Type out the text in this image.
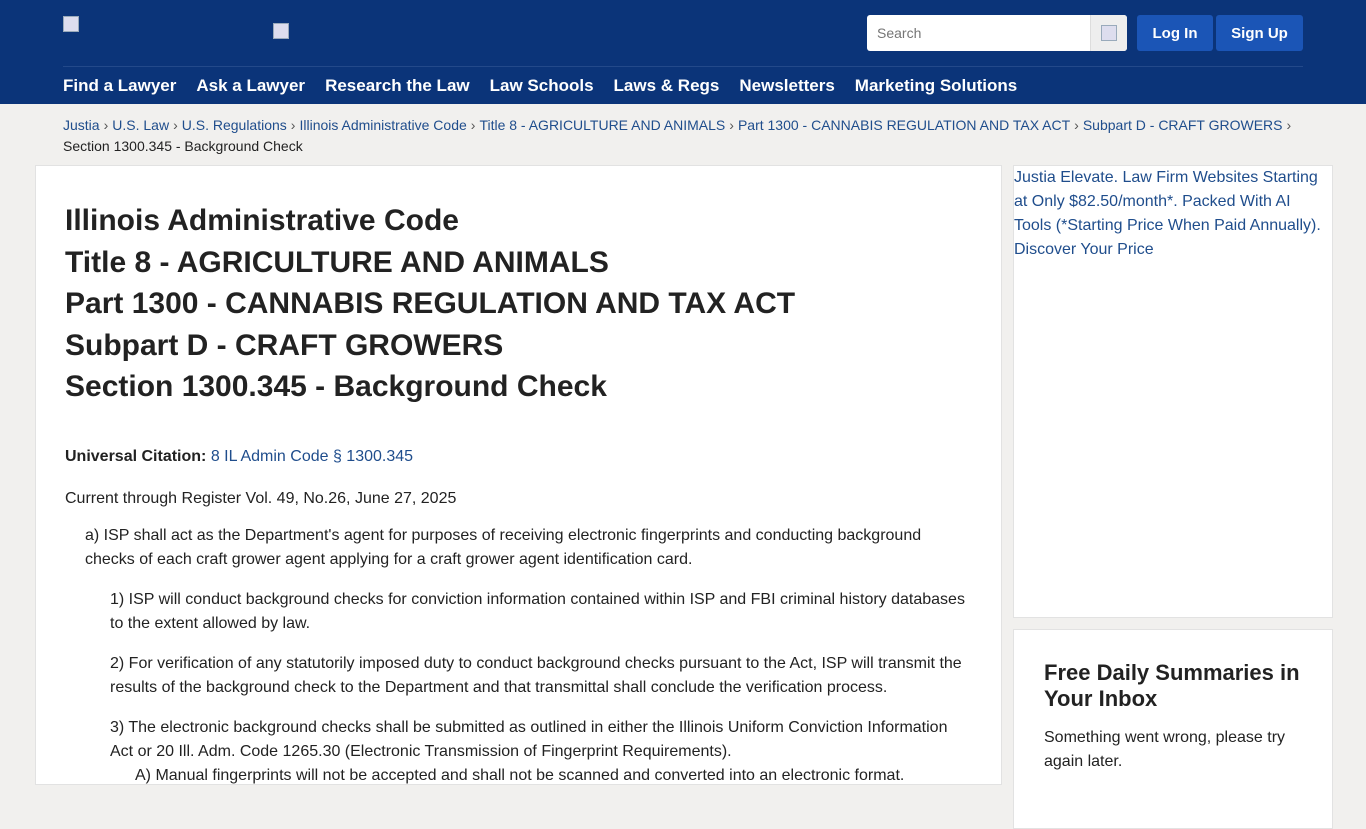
Search
Log In	Sign Up
Find a Lawyer Ask a Lawyer Research the Law Law Schools Laws & Regs Newsletters Marketing Solutions
Justia › U.S. Law › U.S. Regulations › Illinois Administrative Code › Title 8 - AGRICULTURE AND ANIMALS › Part 1300 - CANNABIS REGULATION AND TAX ACT › Subpart D - CRAFT GROWERS ›
Section 1300.345 - Background Check
Illinois Administrative Code
Title 8 - AGRICULTURE AND ANIMALS
Part 1300 - CANNABIS REGULATION AND TAX ACT
Subpart D - CRAFT GROWERS
Section 1300.345 - Background Check
Universal Citation: 8 IL Admin Code § 1300.345
Current through Register Vol. 49, No.26, June 27, 2025

a) ISP shall act as the Department's agent for purposes of receiving electronic fingerprints and conducting background checks of each craft grower agent applying for a craft grower agent identification card.

1) ISP will conduct background checks for conviction information contained within ISP and FBI criminal history databases to the extent allowed by law.

2) For verification of any statutorily imposed duty to conduct background checks pursuant to the Act, ISP will transmit the results of the background check to the Department and that transmittal shall conclude the verification process.

3) The electronic background checks shall be submitted as outlined in either the Illinois Uniform Conviction Information Act or 20 Ill. Adm. Code 1265.30 (Electronic Transmission of Fingerprint Requirements).

A) Manual fingerprints will not be accepted and shall not be scanned and converted into an electronic format.

Justia Elevate. Law Firm Websites Starting at Only $82.50/month*. Packed With AI Tools (*Starting Price When Paid Annually). Discover Your Price
Free Daily Summaries in Your Inbox

Something went wrong, please try again later.
